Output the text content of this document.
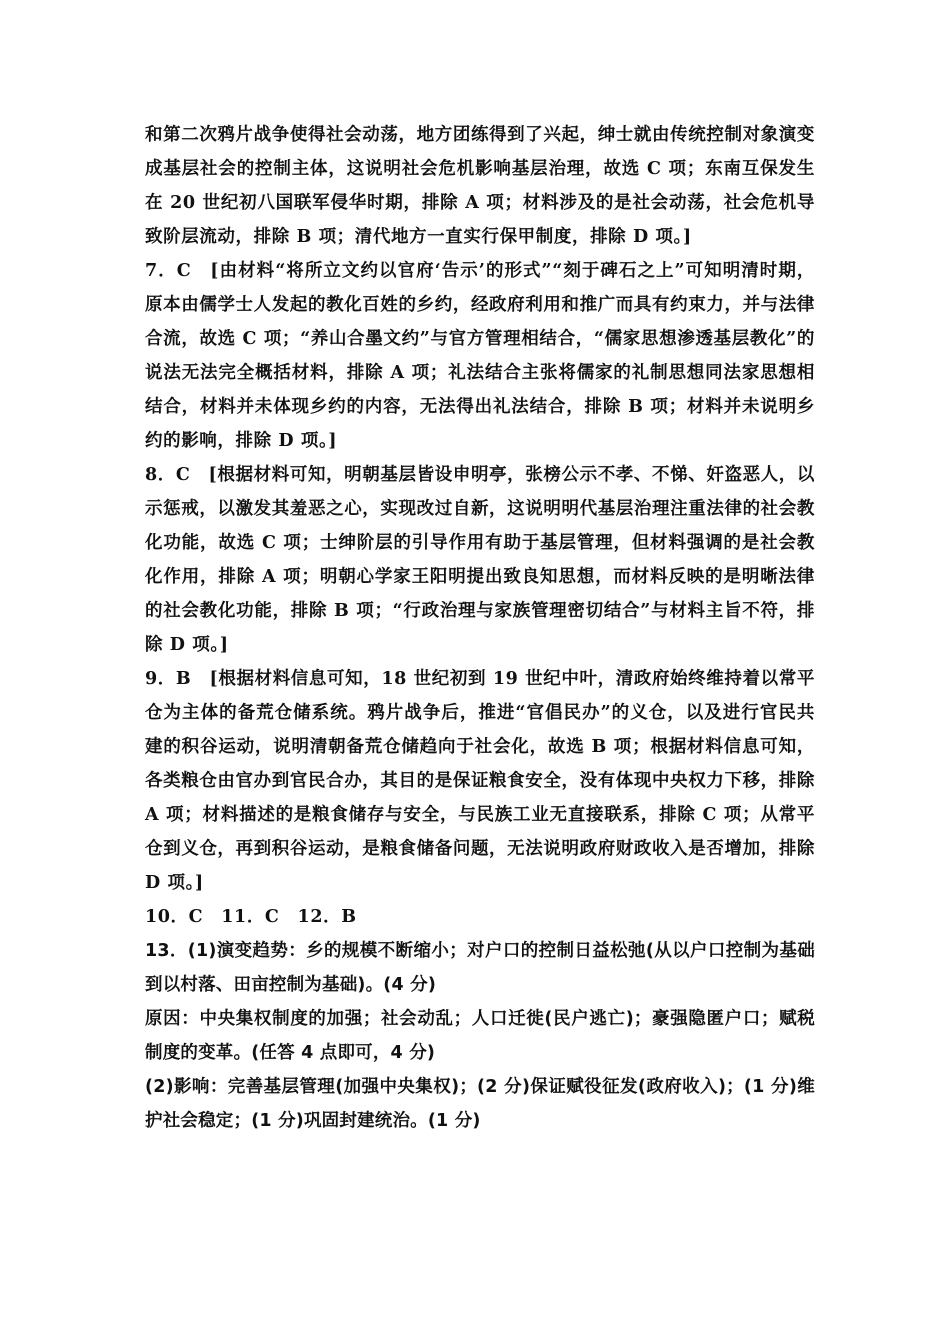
和第二次鸦片战争使得社会动荡，地方团练得到了兴起，绅士就由传统控制对象演变成基层社会的控制主体，这说明社会危机影响基层治理，故选 C 项；东南互保发生在 20 世纪初八国联军侵华时期，排除 A 项；材料涉及的是社会动荡，社会危机导致阶层流动，排除 B 项；清代地方一直实行保甲制度，排除 D 项。]

7．C　[由材料“将所立文约以官府‘告示’的形式”“刻于碑石之上”可知明清时期，原本由儒学士人发起的教化百姓的乡约，经政府利用和推广而具有约束力，并与法律合流，故选 C 项；“养山合墨文约”与官方管理相结合，“儒家思想渗透基层教化”的说法无法完全概括材料，排除 A 项；礼法结合主张将儒家的礼制思想同法家思想相结合，材料并未体现乡约的内容，无法得出礼法结合，排除 B 项；材料并未说明乡约的影响，排除 D 项。]

8．C　[根据材料可知，明朝基层皆设申明亭，张榜公示不孝、不悌、奸盗恶人，以示惩戒，以激发其羞恶之心，实现改过自新，这说明明代基层治理注重法律的社会教化功能，故选 C 项；士绅阶层的引导作用有助于基层管理，但材料强调的是社会教化作用，排除 A 项；明朝心学家王阳明提出致良知思想，而材料反映的是明晰法律的社会教化功能，排除 B 项；“行政治理与家族管理密切结合”与材料主旨不符，排除 D 项。]

9．B　[根据材料信息可知，18 世纪初到 19 世纪中叶，清政府始终维持着以常平仓为主体的备荒仓储系统。鸦片战争后，推进“官倡民办”的义仓，以及进行官民共建的积谷运动，说明清朝备荒仓储趋向于社会化，故选 B 项；根据材料信息可知，各类粮仓由官办到官民合办，其目的是保证粮食安全，没有体现中央权力下移，排除 A 项；材料描述的是粮食储存与安全，与民族工业无直接联系，排除 C 项；从常平仓到义仓，再到积谷运动，是粮食储备问题，无法说明政府财政收入是否增加，排除 D 项。]

10．C　11．C　12．B

13．(1)演变趋势：乡的规模不断缩小；对户口的控制日益松弛(从以户口控制为基础到以村落、田亩控制为基础)。(4 分)

原因：中央集权制度的加强；社会动乱；人口迁徙(民户逃亡)；豪强隐匿户口；赋税制度的变革。(任答 4 点即可，4 分)

(2)影响：完善基层管理(加强中央集权)；(2 分)保证赋役征发(政府收入)；(1 分)维护社会稳定；(1 分)巩固封建统治。(1 分)
